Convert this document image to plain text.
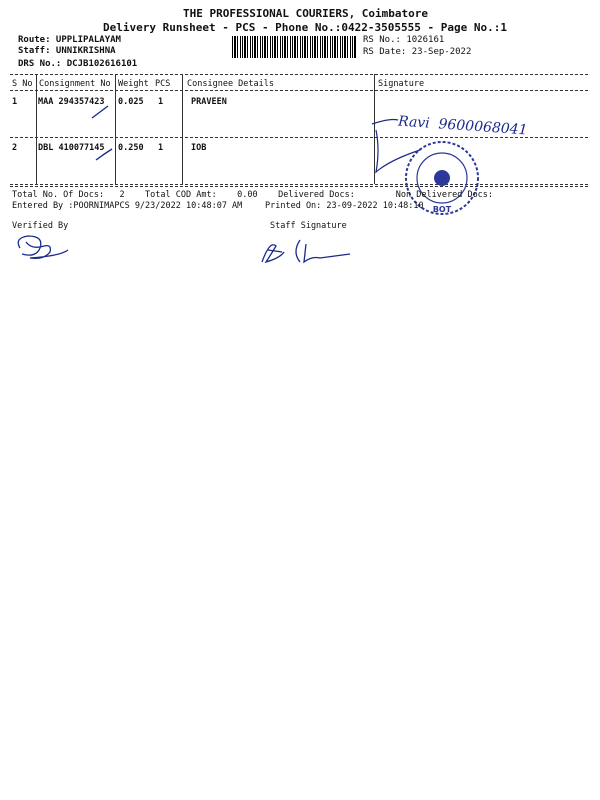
THE PROFESSIONAL COURIERS, Coimbatore
Delivery Runsheet - PCS - Phone No.:0422-3505555 - Page No.:1
Route: UPPLIPALAYAM
Staff: UNNIKRISHNA
DRS No.: DCJB102616101
RS No.: 1026161
RS Date: 23-Sep-2022
S No Consignment No Weight PCS Consignee Details	Signature
1 MAA 294357423 0.025 1	PRAVEEN
2 DBL 410077145 0.250 1	IOB
Ravi  9600068041
BOT
Total No. Of Docs:   2    Total COD Amt:    0.00    Delivered Docs:        Non Delivered Docs:
Entered By :POORNIMAPCS 9/23/2022 10:48:07 AM	Printed On: 23-09-2022 10:48:10
Verified By	Staff Signature
